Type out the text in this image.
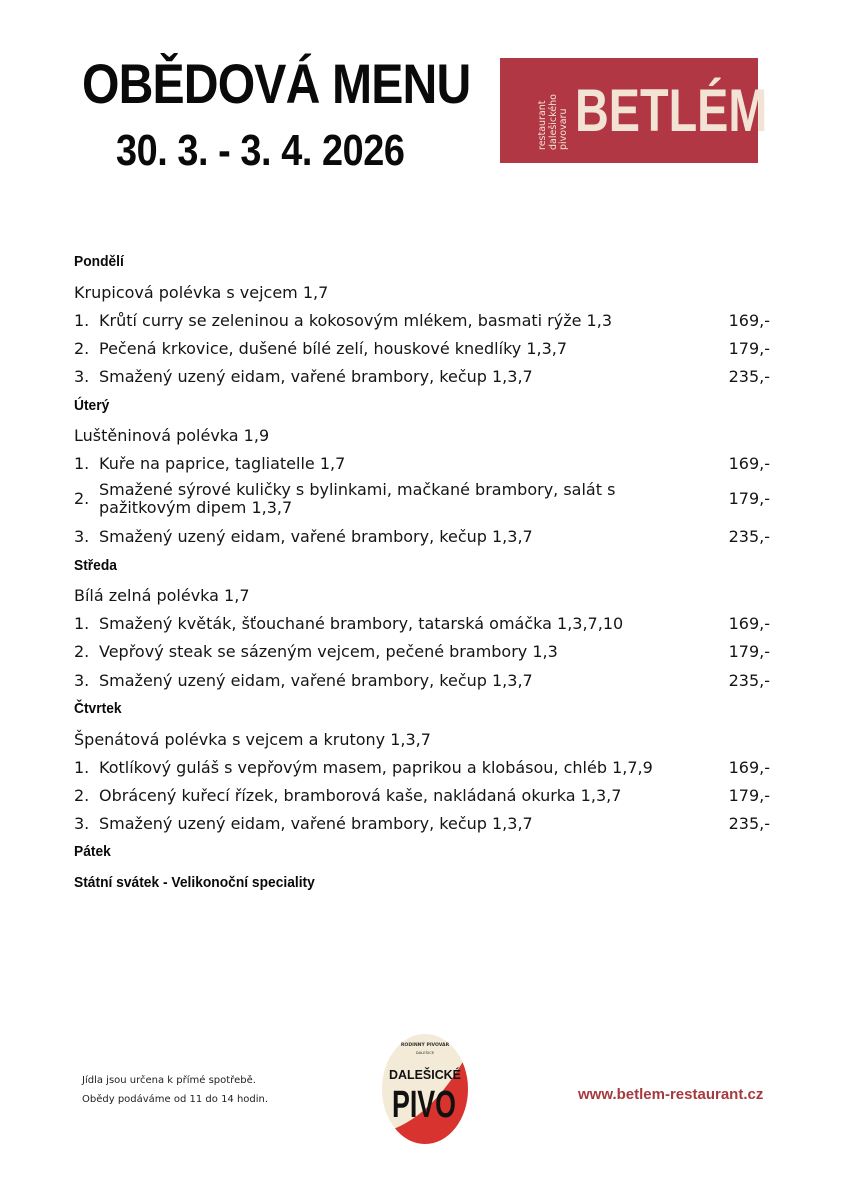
OBĚDOVÁ MENU
30. 3. - 3. 4. 2026
restaurant dalešického pivovaru BETLÉM
Pondělí
Krupicová polévka s vejcem 1,7
1. Krůtí curry se zeleninou a kokosovým mlékem, basmati rýže 1,3	169,-
2. Pečená krkovice, dušené bílé zelí, houskové knedlíky 1,3,7	179,-
3. Smažený uzený eidam, vařené brambory, kečup 1,3,7	235,-
Úterý
Luštěninová polévka 1,9
1. Kuře na paprice, tagliatelle 1,7	169,-
2. Smažené sýrové kuličky s bylinkami, mačkané brambory, salát s pažitkovým dipem 1,3,7	179,-
3. Smažený uzený eidam, vařené brambory, kečup 1,3,7	235,-
Středa
Bílá zelná polévka 1,7
1. Smažený květák, šťouchané brambory, tatarská omáčka 1,3,7,10	169,-
2. Vepřový steak se sázeným vejcem, pečené brambory 1,3	179,-
3. Smažený uzený eidam, vařené brambory, kečup 1,3,7	235,-
Čtvrtek
Špenátová polévka s vejcem a krutony 1,3,7
1. Kotlíkový guláš s vepřovým masem, paprikou a klobásou, chléb 1,7,9	169,-
2. Obrácený kuřecí řízek, bramborová kaše, nakládaná okurka 1,3,7	179,-
3. Smažený uzený eidam, vařené brambory, kečup 1,3,7	235,-
Pátek
Státní svátek - Velikonoční speciality
Jídla jsou určena k přímé spotřebě.
Obědy podáváme od 11 do 14 hodin.
RODINNÝ PIVOVAR
DALEŠICE
DALEŠICKÉ
PIVO	www.betlem-restaurant.cz
